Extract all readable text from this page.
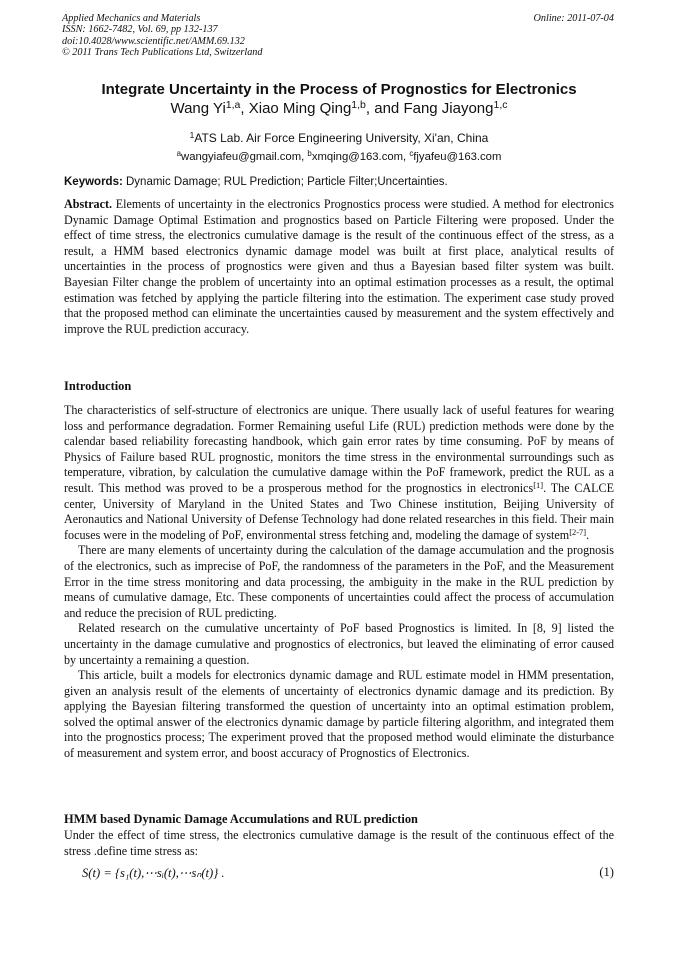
Applied Mechanics and Materials
ISSN: 1662-7482, Vol. 69, pp 132-137
doi:10.4028/www.scientific.net/AMM.69.132
© 2011 Trans Tech Publications Ltd, Switzerland
Online: 2011-07-04
Integrate Uncertainty in the Process of Prognostics for Electronics
Wang Yi$^{1,a}$, Xiao Ming Qing$^{1,b}$, and Fang Jiayong$^{1,c}$
$^1$ATS Lab. Air Force Engineering University, Xi'an, China
$^a$wangyiafeu@gmail.com, $^b$xmqing@163.com, $^c$fjyafeu@163.com
Keywords: Dynamic Damage; RUL Prediction; Particle Filter;Uncertainties.

Abstract. Elements of uncertainty in the electronics Prognostics process were studied. A method for electronics Dynamic Damage Optimal Estimation and prognostics based on Particle Filtering were proposed. Under the effect of time stress, the electronics cumulative damage is the result of the continuous effect of the stress, as a result, a HMM based electronics dynamic damage model was built at first place, analytical results of uncertainties in the process of prognostics were given and thus a Bayesian based filter system was built. Bayesian Filter change the problem of uncertainty into an optimal estimation processes as a result, the optimal estimation was fetched by applying the particle filtering into the estimation. The experiment case study proved that the proposed method can eliminate the uncertainties caused by measurement and the system effectively and improve the RUL prediction accuracy.

Introduction

The characteristics of self-structure of electronics are unique. There usually lack of useful features for wearing loss and performance degradation. Former Remaining useful Life (RUL) prediction methods were done by the calendar based reliability forecasting handbook, which gain error rates by time consuming. PoF by means of Physics of Failure based RUL prognostic, monitors the time stress in the environmental surroundings such as temperature, vibration, by calculation the cumulative damage within the PoF framework, predict the RUL as a result. This method was proved to be a prosperous method for the prognostics in electronics[1]. The CALCE center, University of Maryland in the United States and Two Chinese institution, Beijing University of Aeronautics and National University of Defense Technology had done related researches in this field. Their main focuses were in the modeling of PoF, environmental stress fetching and, modeling the damage of system[2-7].

There are many elements of uncertainty during the calculation of the damage accumulation and the prognosis of the electronics, such as imprecise of PoF, the randomness of the parameters in the PoF, and the Measurement Error in the time stress monitoring and data processing, the ambiguity in the make in the RUL prediction by means of cumulative damage, Etc. These components of uncertainties could affect the process of accumulation and reduce the precision of RUL predicting.

Related research on the cumulative uncertainty of PoF based Prognostics is limited. In [8, 9] listed the uncertainty in the damage cumulative and prognostics of electronics, but leaved the eliminating of error caused by uncertainty a remaining a question.

This article, built a models for electronics dynamic damage and RUL estimate model in HMM presentation, given an analysis result of the elements of uncertainty of electronics dynamic damage and its prediction. By applying the Bayesian filtering transformed the question of uncertainty into an optimal estimation problem, solved the optimal answer of the electronics dynamic damage by particle filtering algorithm, and integrated them into the prognostics process; The experiment proved that the proposed method would eliminate the disturbance of measurement and system error, and boost accuracy of Prognostics of Electronics.

HMM based Dynamic Damage Accumulations and RUL prediction

Under the effect of time stress, the electronics cumulative damage is the result of the continuous effect of the stress .define time stress as:

S(t) = {s₁(t),⋯sᵢ(t),⋯sₙ(t)} .	(1)
